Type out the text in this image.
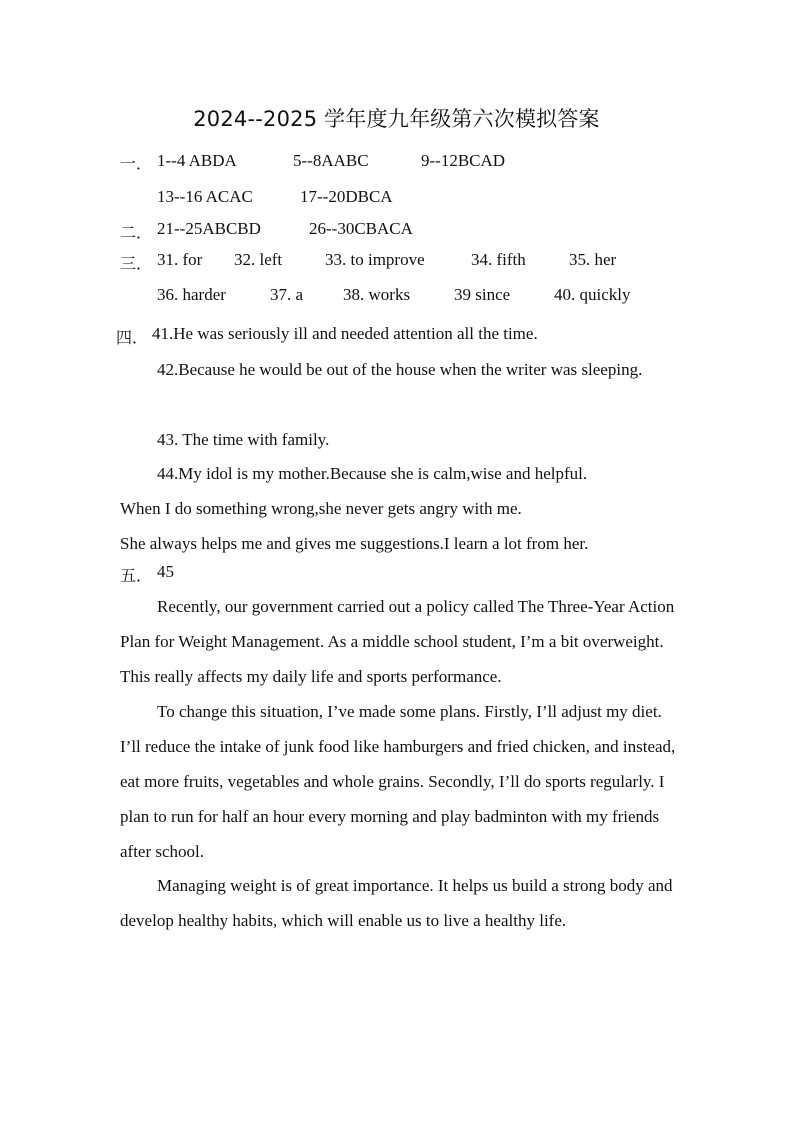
2024--2025 学年度九年级第六次模拟答案
一． 1--4 ABDA	5--8AABC	9--12BCAD
13--16 ACAC	17--20DBCA
二． 21--25ABCBD	26--30CBACA
三． 31. for 32. left	33. to improve	34. fifth	35. her
36. harder	37. a 38. works	39 since	40. quickly
四． 41.He was seriously ill and needed attention all the time.
42.Because he would be out of the house when the writer was sleeping.
43. The time with family.
44.My idol is my mother.Because she is calm,wise and helpful.
When I do something wrong,she never gets angry with me.
She always helps me and gives me suggestions.I learn a lot from her.
五． 45
Recently, our government carried out a policy called The Three-Year Action Plan for Weight Management. As a middle school student, I’m a bit overweight. This really affects my daily life and sports performance.
To change this situation, I’ve made some plans. Firstly, I’ll adjust my diet. I’ll reduce the intake of junk food like hamburgers and fried chicken, and instead, eat more fruits, vegetables and whole grains. Secondly, I’ll do sports regularly. I plan to run for half an hour every morning and play badminton with my friends after school.
Managing weight is of great importance. It helps us build a strong body and develop healthy habits, which will enable us to live a healthy life.
